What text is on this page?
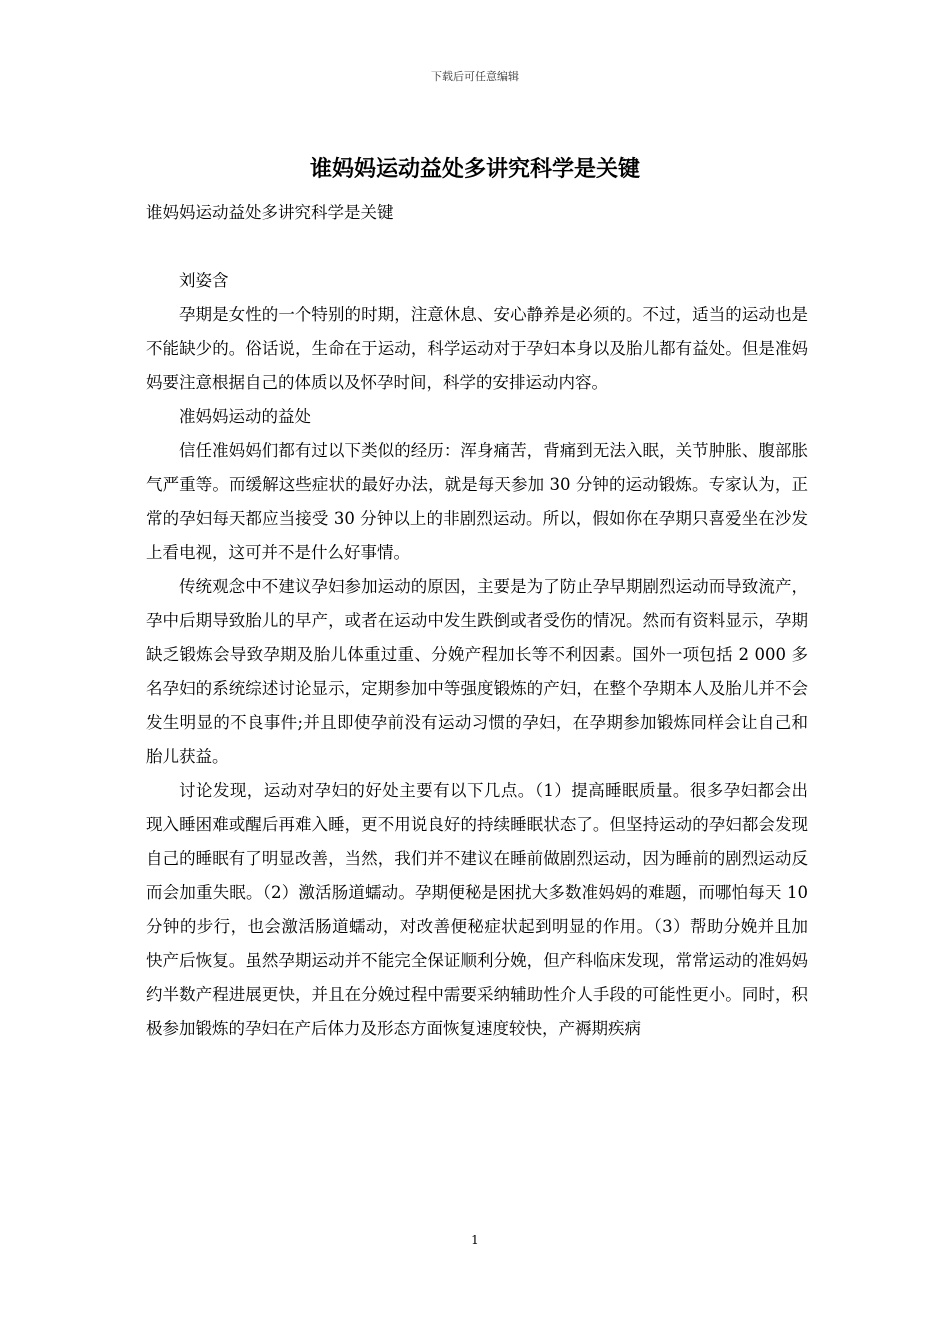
下载后可任意编辑
谁妈妈运动益处多讲究科学是关键

谁妈妈运动益处多讲究科学是关键

刘姿含

孕期是女性的一个特别的时期，注意休息、安心静养是必须的。不过，适当的运动也是不能缺少的。俗话说，生命在于运动，科学运动对于孕妇本身以及胎儿都有益处。但是准妈妈要注意根据自己的体质以及怀孕时间，科学的安排运动内容。

准妈妈运动的益处

信任准妈妈们都有过以下类似的经历：浑身痛苦，背痛到无法入眠，关节肿胀、腹部胀气严重等。而缓解这些症状的最好办法，就是每天参加 30 分钟的运动锻炼。专家认为，正常的孕妇每天都应当接受 30 分钟以上的非剧烈运动。所以，假如你在孕期只喜爱坐在沙发上看电视，这可并不是什么好事情。

传统观念中不建议孕妇参加运动的原因，主要是为了防止孕早期剧烈运动而导致流产，孕中后期导致胎儿的早产，或者在运动中发生跌倒或者受伤的情况。然而有资料显示，孕期缺乏锻炼会导致孕期及胎儿体重过重、分娩产程加长等不利因素。国外一项包括 2 000 多名孕妇的系统综述讨论显示，定期参加中等强度锻炼的产妇，在整个孕期本人及胎儿并不会发生明显的不良事件;并且即使孕前没有运动习惯的孕妇，在孕期参加锻炼同样会让自己和胎儿获益。

讨论发现，运动对孕妇的好处主要有以下几点。（1）提高睡眠质量。很多孕妇都会出现入睡困难或醒后再难入睡，更不用说良好的持续睡眠状态了。但坚持运动的孕妇都会发现自己的睡眠有了明显改善，当然，我们并不建议在睡前做剧烈运动，因为睡前的剧烈运动反而会加重失眠。（2）激活肠道蠕动。孕期便秘是困扰大多数准妈妈的难题，而哪怕每天 10 分钟的步行，也会激活肠道蠕动，对改善便秘症状起到明显的作用。（3）帮助分娩并且加快产后恢复。虽然孕期运动并不能完全保证顺利分娩，但产科临床发现，常常运动的准妈妈约半数产程进展更快，并且在分娩过程中需要采纳辅助性介人手段的可能性更小。同时，积极参加锻炼的孕妇在产后体力及形态方面恢复速度较快，产褥期疾病

1
